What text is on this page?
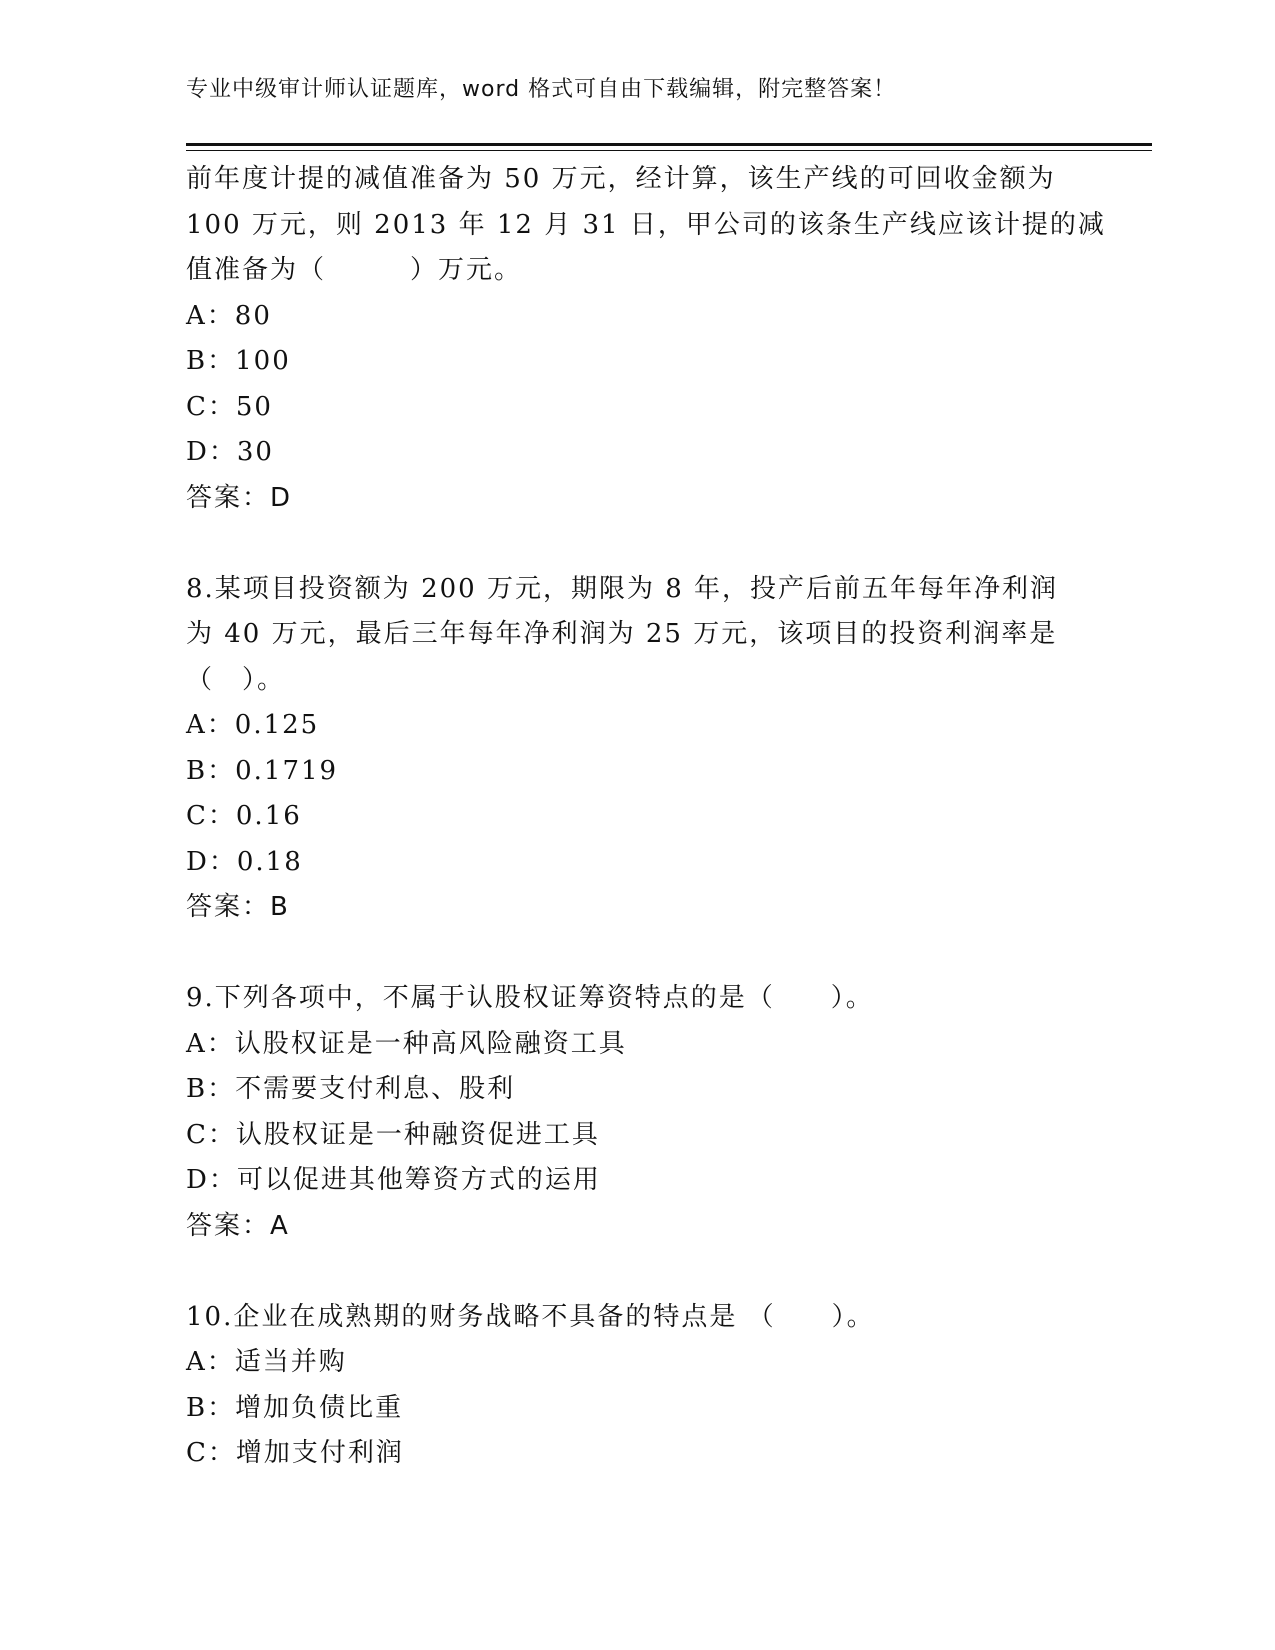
专业中级审计师认证题库，word 格式可自由下载编辑，附完整答案！
前年度计提的减值准备为 50 万元，经计算，该生产线的可回收金额为
100 万元，则 2013 年 12 月 31 日，甲公司的该条生产线应该计提的减
值准备为（　　　）万元。
A：80
B：100
C：50
D：30
答案：D
8.某项目投资额为 200 万元，期限为 8 年，投产后前五年每年净利润
为 40 万元，最后三年每年净利润为 25 万元，该项目的投资利润率是
（　）。
A：0.125
B：0.1719
C：0.16
D：0.18
答案：B
9.下列各项中，不属于认股权证筹资特点的是（　　）。
A：认股权证是一种高风险融资工具
B：不需要支付利息、股利
C：认股权证是一种融资促进工具
D：可以促进其他筹资方式的运用
答案：A
10.企业在成熟期的财务战略不具备的特点是 （　　）。
A：适当并购
B：增加负债比重
C：增加支付利润
